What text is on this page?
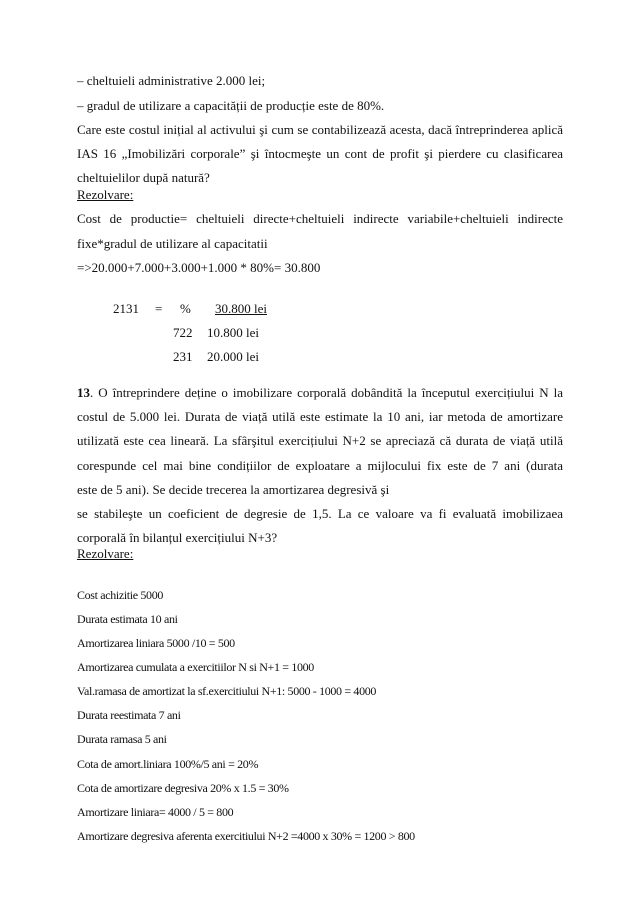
– cheltuieli administrative 2.000 lei;
– gradul de utilizare a capacității de producție este de 80%.
Care este costul inițial al activului şi cum se contabilizează acesta, dacă întreprinderea aplică
IAS 16 „Imobilizări corporale” şi întocmeşte un cont de profit şi pierdere cu clasificarea
cheltuielilor după natură?
Rezolvare:
Cost de productie= cheltuieli directe+cheltuieli indirecte variabile+cheltuieli indirecte
fixe*gradul de utilizare al capacitatii
=>20.000+7.000+3.000+1.000 * 80%= 30.800
2131 = % 30.800 lei
722 10.800 lei
231 20.000 lei
13. O întreprindere deține o imobilizare corporală dobândită la începutul exercițiului N la
costul de 5.000 lei. Durata de viață utilă este estimate la 10 ani, iar metoda de amortizare
utilizată este cea lineară. La sfârşitul exercițiului N+2 se apreciază că durata de viață utilă
corespunde cel mai bine condițiilor de exploatare a mijlocului fix este de 7 ani (durata
este de 5 ani). Se decide trecerea la amortizarea degresivă şi
se stabileşte un coeficient de degresie de 1,5. La ce valoare va fi evaluată imobilizaea
corporală în bilanțul exercițiului N+3?
Rezolvare:
Cost achizitie 5000
Durata estimata 10 ani
Amortizarea liniara 5000 /10 = 500
Amortizarea cumulata a exercitiilor N si N+1 = 1000
Val.ramasa de amortizat la sf.exercitiului N+1: 5000 - 1000 = 4000
Durata reestimata 7 ani
Durata ramasa 5 ani
Cota de amort.liniara 100%/5 ani = 20%
Cota de amortizare degresiva 20% x 1.5 = 30%
Amortizare liniara= 4000 / 5 = 800
Amortizare degresiva aferenta exercitiului N+2 =4000 x 30% = 1200 > 800
